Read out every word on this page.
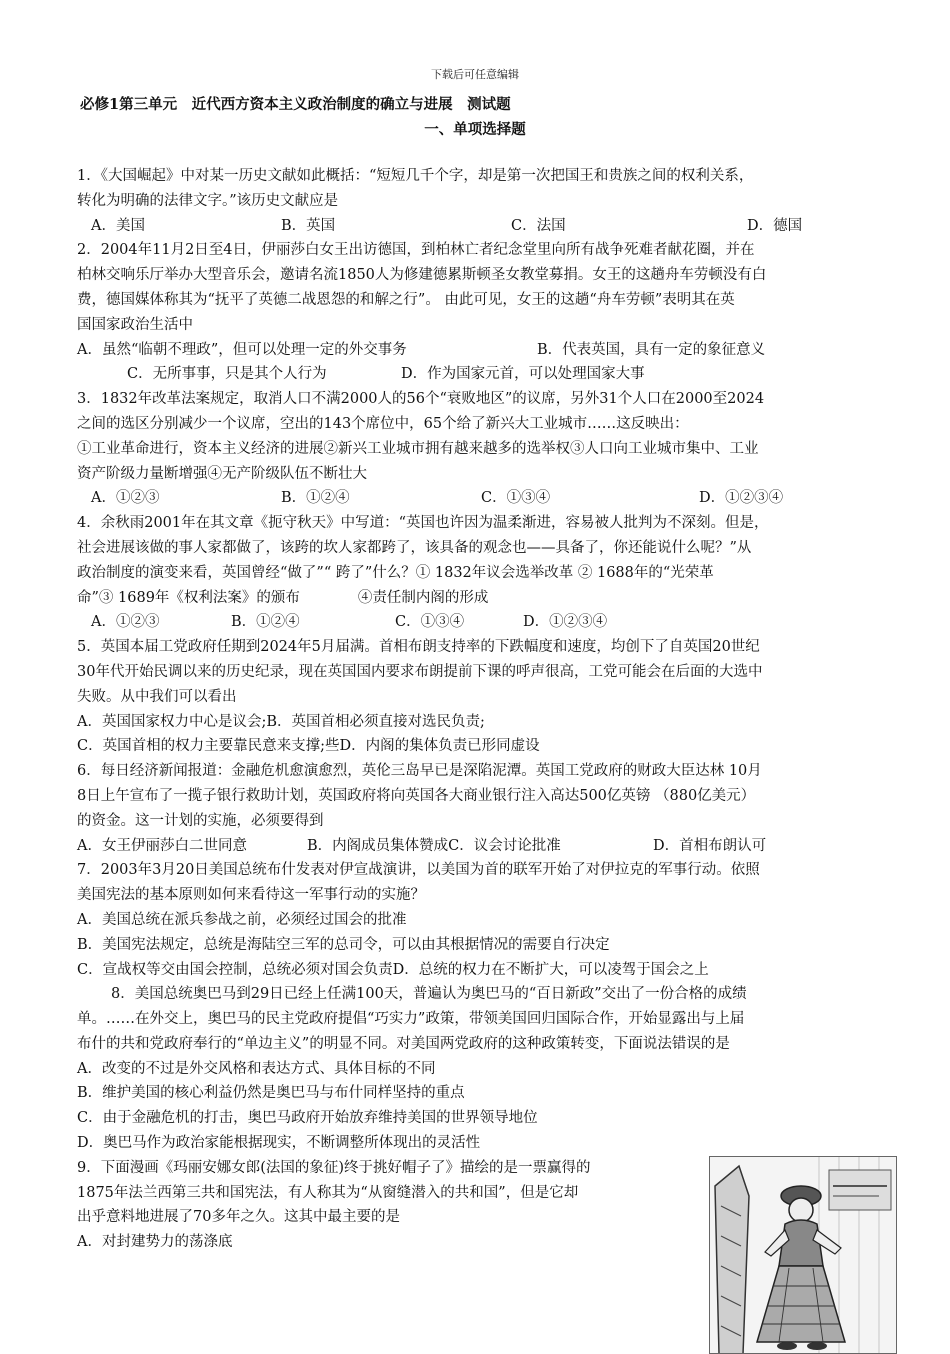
下载后可任意编辑
必修1第三单元　近代西方资本主义政治制度的确立与进展　测试题
一、单项选择题

1．《大国崛起》中对某一历史文献如此概括：“短短几千个字，却是第一次把国王和贵族之间的权利关系，

转化为明确的法律文字。”该历史文献应是

A．美国	B．英国	C．法国	D．德国

2．2004年11月2日至4日，伊丽莎白女王出访德国，到柏林亡者纪念堂里向所有战争死难者献花圈，并在

柏林交响乐厅举办大型音乐会，邀请名流1850人为修建德累斯顿圣女教堂募捐。女王的这趟舟车劳顿没有白

费，德国媒体称其为“抚平了英德二战恩怨的和解之行”。 由此可见，女王的这趟“舟车劳顿”表明其在英

国国家政治生活中

A．虽然“临朝不理政”，但可以处理一定的外交事务	B．代表英国，具有一定的象征意义
C．无所事事，只是其个人行为	D．作为国家元首，可以处理国家大事

3．1832年改革法案规定，取消人口不满2000人的56个“衰败地区”的议席，另外31个人口在2000至2024

之间的选区分别减少一个议席，空出的143个席位中，65个给了新兴大工业城市……这反映出：

①工业革命进行，资本主义经济的进展②新兴工业城市拥有越来越多的选举权③人口向工业城市集中、工业

资产阶级力量断增强④无产阶级队伍不断壮大

A．①②③	B．①②④	C．①③④	D．①②③④

4．余秋雨2001年在其文章《扼守秋天》中写道：“英国也许因为温柔渐进，容易被人批判为不深刻。但是，

社会进展该做的事人家都做了，该跨的坎人家都跨了，该具备的观念也——具备了，你还能说什么呢？”从

政治制度的演变来看，英国曾经“做了”“ 跨了”什么？① 1832年议会选举改革 ② 1688年的“光荣革

命”③ 1689年《权利法案》的颁布　　　　④责任制内阁的形成

A．①②③	B．①②④	C．①③④	D．①②③④

5．英国本届工党政府任期到2024年5月届满。首相布朗支持率的下跌幅度和速度，均创下了自英国20世纪

30年代开始民调以来的历史纪录，现在英国国内要求布朗提前下课的呼声很高，工党可能会在后面的大选中

失败。从中我们可以看出

A．英国国家权力中心是议会;B．英国首相必须直接对选民负责;

C．英国首相的权力主要靠民意来支撑;些D．内阁的集体负责已形同虚设

6．每日经济新闻报道：金融危机愈演愈烈，英伦三岛早已是深陷泥潭。英国工党政府的财政大臣达林 10月

8日上午宣布了一揽子银行救助计划，英国政府将向英国各大商业银行注入高达500亿英镑 （880亿美元）

的资金。这一计划的实施，必须要得到

A．女王伊丽莎白二世同意	B．内阁成员集体赞成C．议会讨论批准	D．首相布朗认可

7．2003年3月20日美国总统布什发表对伊宣战演讲，以美国为首的联军开始了对伊拉克的军事行动。依照

美国宪法的基本原则如何来看待这一军事行动的实施？

A．美国总统在派兵参战之前，必须经过国会的批准

B．美国宪法规定，总统是海陆空三军的总司令，可以由其根据情况的需要自行决定

C．宣战权等交由国会控制，总统必须对国会负责D．总统的权力在不断扩大，可以凌驾于国会之上

8．美国总统奥巴马到29日已经上任满100天，普遍认为奥巴马的“百日新政”交出了一份合格的成绩

单。……在外交上，奥巴马的民主党政府提倡“巧实力”政策，带领美国回归国际合作，开始显露出与上届

布什的共和党政府奉行的“单边主义”的明显不同。对美国两党政府的这种政策转变，下面说法错误的是

A．改变的不过是外交风格和表达方式、具体目标的不同

B．维护美国的核心利益仍然是奥巴马与布什同样坚持的重点

C．由于金融危机的打击，奥巴马政府开始放弃维持美国的世界领导地位

D．奥巴马作为政治家能根据现实，不断调整所体现出的灵活性

9．下面漫画《玛丽安娜女郎(法国的象征)终于挑好帽子了》描绘的是一票赢得的

1875年法兰西第三共和国宪法，有人称其为“从窗缝潜入的共和国”，但是它却

出乎意料地进展了70多年之久。这其中最主要的是

A．对封建势力的荡涤底
